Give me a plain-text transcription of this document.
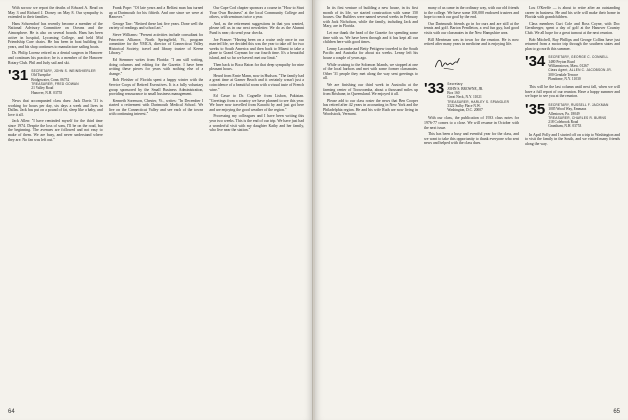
With sorrow we report the deaths of Edward A. Read on May 3 and Richard J. Dorsey on May 8. Our sympathy is extended to their families.

Hans Schoendorf has recently become a member of the National Advisory Committee on Oceans and the Atmosphere. He is also on several boards. Hans has been active in hospital, Lycoming College, and held Mid Friendship Care chairs. He has been in boat building for years, and his shop continues to manufacture sailing boats.

Dr. Philip Lorenz retired as a dental surgeon in Hanover and continues his practice; he is a member of the Hanover Rotary Club. Phil and Judy sail and ski.

'31 SECRETARY, JOHN S. WEINSHIERLER
Old Turnpike
Bridgewater, Conn. 06752
TREASURER, FRED GOWAN
21 Valley Road
Hanover, N.H. 03755

News that accompanied class dues: Jack Davis '31 is working for hours per day, six days a week and lives in Dallas. Jack has put on a pound of fat, sleep like a baby, and love it all.

Jack Allen: "I have reminded myself for the third time since 1974. Despite the loss of sons, I'll be on the road, but the beginning. The avenues are followed and not easy to make of them. We are busy, and never understand where they are. No fan was left out."

Frank Pope: "Of late years and a Belfast man has turned up at Dartmouth for his fiftieth. And one since we were at Hanover."

George Tarr: "Retired these last five years. Done well the variety of readings and school art."

Steve Williams: "Present activities include consultant for Princeton Alliance, North Springfield, Vt., program committee for the YMCA, director of Connecticut Valley Historical Society; travel and library trustee of Keene Library."

Ed Stemmer writes from Florida: "I am still writing, doing columns and editing for the Gazette. I have been writing these pieces for years with nothing else of a change."

Bob Fleisher of Florida spent a happy winter with the Service Corps of Retired Executives. It is a fully voluntary group sponsored by the Small Business Administration, providing reassurance to small business management.

Kenneth Sorenson, Chester, Vt., writes: "In December I started a retirement with Dartmouth Medical School. We live on the Connecticut Valley and see each of the towns with continuing interest."

Our Cape Cod chapter sponsors a course in "How to Start Your Own Business" at the local Community College and others, with seminars twice a year.

And, as the retirement suggestions in that you wanted, please tell us in our next newsletter. We do as the Alumni Fund is near; do send your checks.

Joe Franze: "Having been on a cruise only once in our married life, we decided this was the year to take off for two weeks to South America and then back to Miami to take a plane to Grand Cayman for our fourth time. It's a beautiful island, and so far we haven't met our limit."

Then back to Boca Raton for that deep sympathy for nine pleasant hours.

Heard from Ernie Mann, now in Hudson. "The family had a great time at Garner Beach and it certainly wasn't just a coincidence of a beautiful room with a visual taste of French wine."

Ed Casse to Dr. Cognelle from Lisbon, Pakistan. "Greetings from a country we have planned to see this year. We have now travelled from Karachi by and just got here and are enjoying the good weather of the region."

Processing my colleagues and I have been writing this year two weeks. This is the end of our trip. We have just had a wonderful visit with my daughter Kathy and her family, who live near the station."

64

In its first venture of building a new house, in its first month of its life, we started construction with some 150 houses. Our Builders were named several weeks in February with Jack Nicholson, while the family, including Jack and Mary, are in Florida.

Let me thank the head of the Gazette for spending some time with us. We have been through and it has kept all our children here with good times.

Lenny Lacombe and Betty Pettigrew traveled to the South Pacific and Australia for about six weeks. Lenny left his house a couple of years ago.

While cruising to the Solomon Islands, we stopped at one of the local harbors and met with some former classmates. Other '31 people they met along the way sent greetings to all.

We are finishing our third week in Australia at the farming center of Toowoomba, about a thousand miles up from Brisbane, in Queensland. We enjoyed it all.

Please add to our class roster the news that Ben Cooper has retired after 42 years in accounting in New York and the Philadelphia region. He and his wife Ruth are now living in Woodstock, Vermont.

many of us came in the ordinary way, with our old friends to the college. We have some 100,000 endowed trustees and hope to reach our goal by the end.

Our Dartmouth friends go in for ours and are still at the tennis and golf. Barton Pendleton, a real fun guy, had good visits with our classmates in the New Hampshire area.

Bill Merriman was in town for the reunion. He is now retired after many years in medicine and is enjoying life.

'33 Secretary
JOHN S. BROWNE, JR.
Box 160
Great Neck, N.Y. 11021
TREASURER, HARLEY S. SPANGLER
3322 Sulby Place N.W.
Washington, D.C. 20007

With our class, the publication of 1933 class notes for 1976-77 comes to a close. We will resume in October with the next issue.

This has been a busy and eventful year for the class, and we want to take this opportunity to thank everyone who sent news and helped with the class dues.

Lou O'Keeffe — is about to retire after an outstanding career in business. He and his wife will make their home in Florida with grandchildren.

Class members Curt Cole and Ross Coyne, with Doc Gerstberger, spent a day of golf at the Hanover Country Club. We all hope for a great turnout at the next reunion.

Bob Mitchell, Ray Phillips and George Collins have just returned from a motor trip through the southern states and plan to go north this summer.

'34 SECRETARY, GEORGE C. CONNELL
1480 Peyton Road
Williamstown, Mass. 01267
Class Agent, ALLEN C. JACOBSON JR.
300 Gendale Terrace
Plandome, N.Y. 11030

This will be the last column until next fall, when we will have a full report of our reunion. Have a happy summer and we hope to see you at the reunion.

'35 SECRETARY, RUSSELL F. JACKMAN
1005 Wood Way, Emmaus
Allentown, Pa. 18049
TREASURER, CHARLES R. BURNS
218 Colebrook Road
Grantham, N.H. 03753

In April Polly and I started off on a trip to Washington and to visit the family in the South, and we visited many friends along the way.

65
